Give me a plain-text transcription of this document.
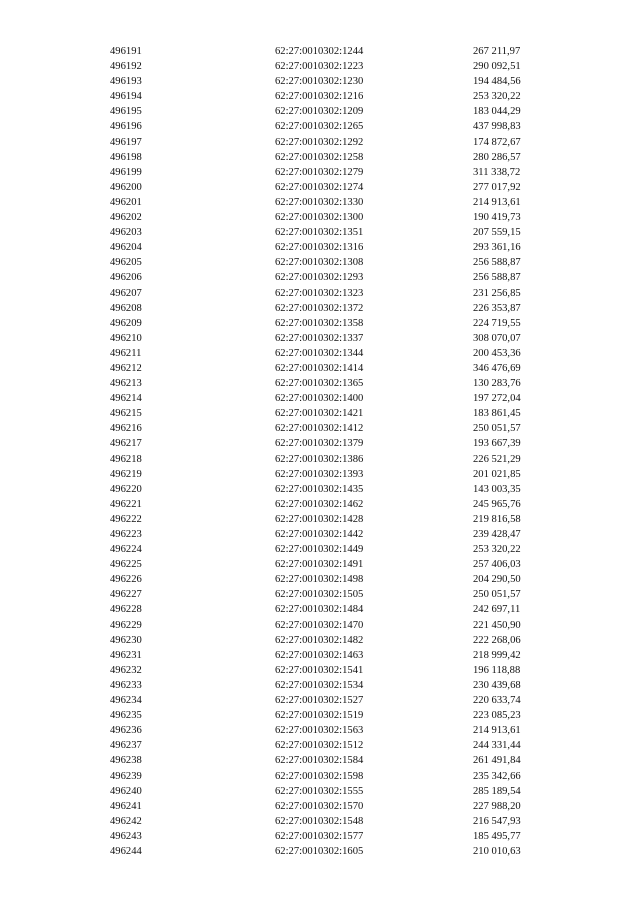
496191	62:27:0010302:1244	267 211,97
496192	62:27:0010302:1223	290 092,51
496193	62:27:0010302:1230	194 484,56
496194	62:27:0010302:1216	253 320,22
496195	62:27:0010302:1209	183 044,29
496196	62:27:0010302:1265	437 998,83
496197	62:27:0010302:1292	174 872,67
496198	62:27:0010302:1258	280 286,57
496199	62:27:0010302:1279	311 338,72
496200	62:27:0010302:1274	277 017,92
496201	62:27:0010302:1330	214 913,61
496202	62:27:0010302:1300	190 419,73
496203	62:27:0010302:1351	207 559,15
496204	62:27:0010302:1316	293 361,16
496205	62:27:0010302:1308	256 588,87
496206	62:27:0010302:1293	256 588,87
496207	62:27:0010302:1323	231 256,85
496208	62:27:0010302:1372	226 353,87
496209	62:27:0010302:1358	224 719,55
496210	62:27:0010302:1337	308 070,07
496211	62:27:0010302:1344	200 453,36
496212	62:27:0010302:1414	346 476,69
496213	62:27:0010302:1365	130 283,76
496214	62:27:0010302:1400	197 272,04
496215	62:27:0010302:1421	183 861,45
496216	62:27:0010302:1412	250 051,57
496217	62:27:0010302:1379	193 667,39
496218	62:27:0010302:1386	226 521,29
496219	62:27:0010302:1393	201 021,85
496220	62:27:0010302:1435	143 003,35
496221	62:27:0010302:1462	245 965,76
496222	62:27:0010302:1428	219 816,58
496223	62:27:0010302:1442	239 428,47
496224	62:27:0010302:1449	253 320,22
496225	62:27:0010302:1491	257 406,03
496226	62:27:0010302:1498	204 290,50
496227	62:27:0010302:1505	250 051,57
496228	62:27:0010302:1484	242 697,11
496229	62:27:0010302:1470	221 450,90
496230	62:27:0010302:1482	222 268,06
496231	62:27:0010302:1463	218 999,42
496232	62:27:0010302:1541	196 118,88
496233	62:27:0010302:1534	230 439,68
496234	62:27:0010302:1527	220 633,74
496235	62:27:0010302:1519	223 085,23
496236	62:27:0010302:1563	214 913,61
496237	62:27:0010302:1512	244 331,44
496238	62:27:0010302:1584	261 491,84
496239	62:27:0010302:1598	235 342,66
496240	62:27:0010302:1555	285 189,54
496241	62:27:0010302:1570	227 988,20
496242	62:27:0010302:1548	216 547,93
496243	62:27:0010302:1577	185 495,77
496244	62:27:0010302:1605	210 010,63
